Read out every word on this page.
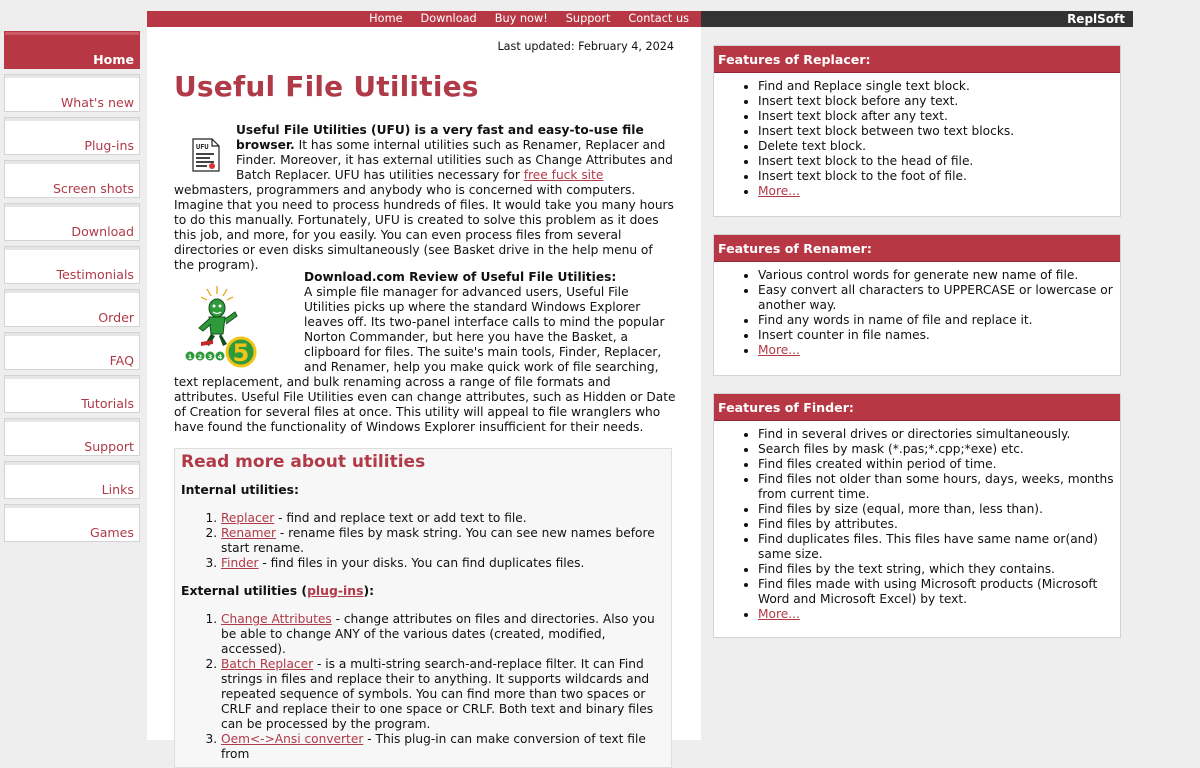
Home Download Buy now! Support Contact us	ReplSoft
Home
What's new
Plug-ins
Screen shots
Download
Testimonials
Order
FAQ
Tutorials
Support
Links
Games
Last updated: February 4, 2024
Useful File Utilities
UFU

Useful File Utilities (UFU) is a very fast and easy-to-use file browser. It has some internal utilities such as Renamer, Replacer and Finder. Moreover, it has external utilities such as Change Attributes and Batch Replacer. UFU has utilities necessary for free fuck site webmasters, programmers and anybody who is concerned with computers. Imagine that you need to process hundreds of files. It would take you many hours to do this manually. Fortunately, UFU is created to solve this problem as it does this job, and more, for you easily. You can even process files from several directories or even disks simultaneously (see Basket drive in the help menu of the program).

1 2 3 4 5

Download.com Review of Useful File Utilities:
A simple file manager for advanced users, Useful File Utilities picks up where the standard Windows Explorer leaves off. Its two-panel interface calls to mind the popular Norton Commander, but here you have the Basket, a clipboard for files. The suite's main tools, Finder, Replacer, and Renamer, help you make quick work of file searching, text replacement, and bulk renaming across a range of file formats and attributes. Useful File Utilities even can change attributes, such as Hidden or Date of Creation for several files at once. This utility will appeal to file wranglers who have found the functionality of Windows Explorer insufficient for their needs.

Read more about utilities
Internal utilities:
1. Replacer - find and replace text or add text to file.
2. Renamer - rename files by mask string. You can see new names before start rename.
3. Finder - find files in your disks. You can find duplicates files.
External utilities (plug-ins):
1. Change Attributes - change attributes on files and directories. Also you be able to change ANY of the various dates (created, modified, accessed).
2. Batch Replacer - is a multi-string search-and-replace filter. It can Find strings in files and replace their to anything. It supports wildcards and repeated sequence of symbols. You can find more than two spaces or CRLF and replace their to one space or CRLF. Both text and binary files can be processed by the program.
3. Oem<->Ansi converter - This plug-in can make conversion of text file from
Features of Replacer:
• Find and Replace single text block.
• Insert text block before any text.
• Insert text block after any text.
• Insert text block between two text blocks.
• Delete text block.
• Insert text block to the head of file.
• Insert text block to the foot of file.
• More...
Features of Renamer:
• Various control words for generate new name of file.
• Easy convert all characters to UPPERCASE or lowercase or another way.
• Find any words in name of file and replace it.
• Insert counter in file names.
• More...
Features of Finder:
• Find in several drives or directories simultaneously.
• Search files by mask (*.pas;*.cpp;*exe) etc.
• Find files created within period of time.
• Find files not older than some hours, days, weeks, months from current time.
• Find files by size (equal, more than, less than).
• Find files by attributes.
• Find duplicates files. This files have same name or(and) same size.
• Find files by the text string, which they contains.
• Find files made with using Microsoft products (Microsoft Word and Microsoft Excel) by text.
• More...
